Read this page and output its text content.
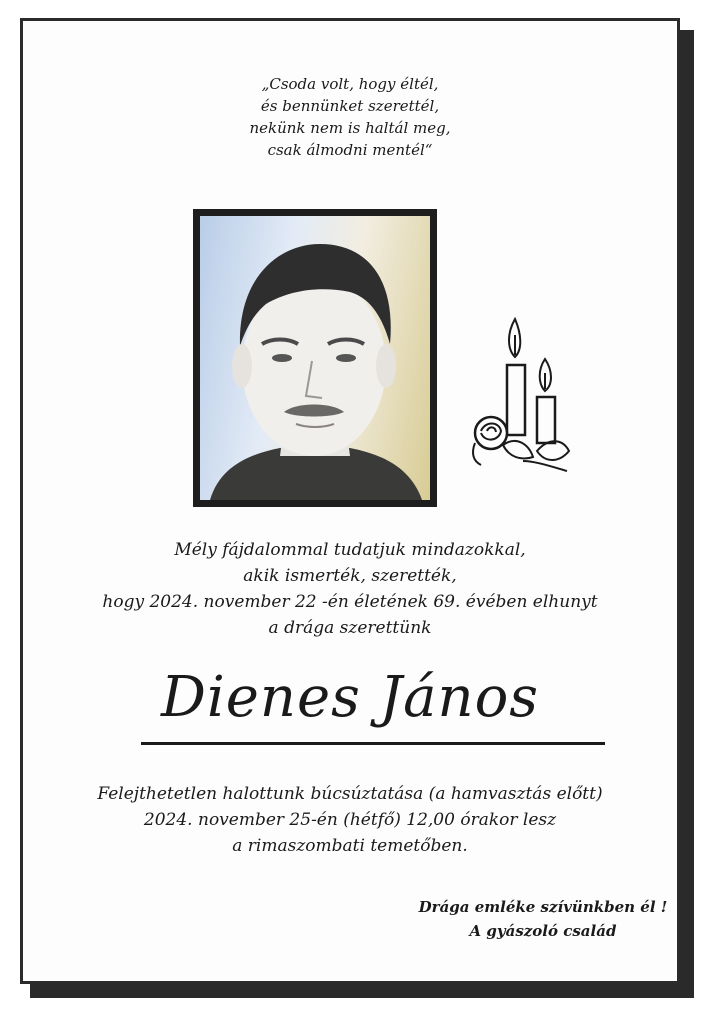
„Csoda volt, hogy éltél,
és bennünket szerettél,
nekünk nem is haltál meg,
csak álmodni mentél“
Mély fájdalommal tudatjuk mindazokkal,
akik ismerték, szerették,
hogy 2024. november 22 -én életének 69. évében elhunyt
a drága szerettünk
Dienes János
Felejthetetlen halottunk búcsúztatása (a hamvasztás előtt)
2024. november 25-én (hétfő) 12,00 órakor lesz
a rimaszombati temetőben.
Drága emléke szívünkben él !
A gyászoló család
